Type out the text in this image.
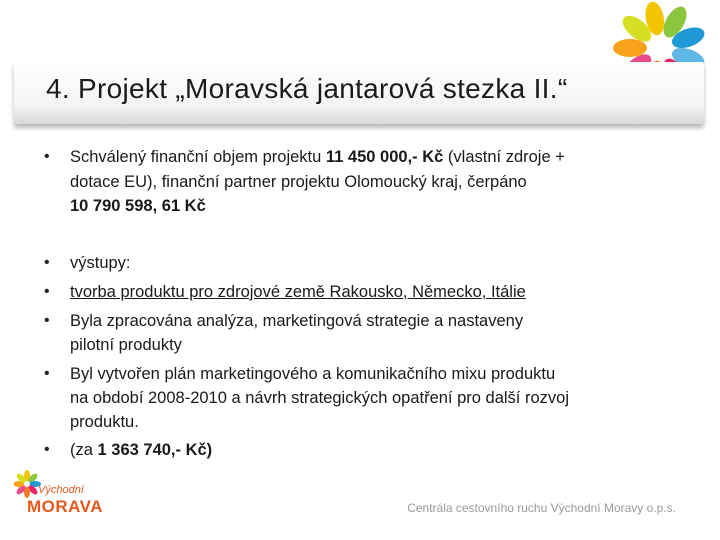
4. Projekt „Moravská jantarová stezka II.“
• Schválený finanční objem projektu 11 450 000,- Kč (vlastní zdroje +
dotace EU), finanční partner projektu Olomoucký kraj, čerpáno
10 790 598, 61 Kč
• výstupy:
• tvorba produktu pro zdrojové země Rakousko, Německo, Itálie
• Byla zpracována analýza, marketingová strategie a nastaveny
pilotní produkty
• Byl vytvořen plán marketingového a komunikačního mixu produktu
na období 2008-2010 a návrh strategických opatření pro další rozvoj
produktu.
• (za 1 363 740,- Kč)
Východní
MORAVA	Centrála cestovního ruchu Východní Moravy o.p.s.
